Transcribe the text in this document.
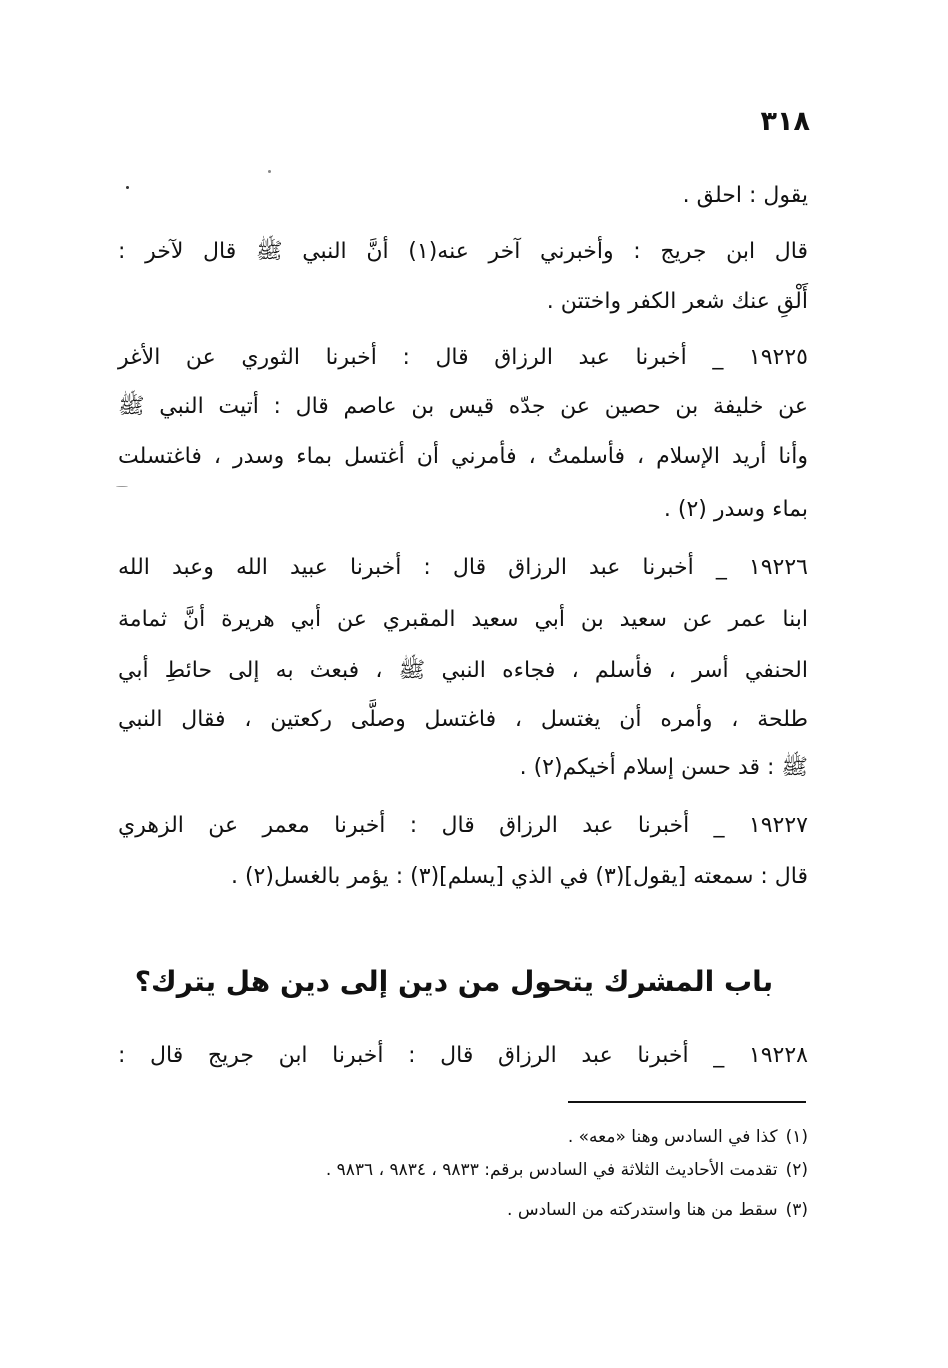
٣١٨
يقول : احلق .
قال ابن جريج : وأخبرني آخر عنه(١) أنَّ النبي ﷺ قال لآخر :
أَلْقِ عنك شعر الكفر واختتن .
١٩٢٢٥ _ أخبرنا عبد الرزاق قال : أخبرنا الثوري عن الأغر
عن خليفة بن حصين عن جدّه قيس بن عاصم قال : أتيت النبي ﷺ
وأنا أريد الإسلام ، فأسلمتُ ، فأمرني أن أغتسل بماء وسدر ، فاغتسلت
بماء وسدر (٢) .
١٩٢٢٦ _ أخبرنا عبد الرزاق قال : أخبرنا عبيد الله وعبد الله
ابنا عمر عن سعيد بن أبي سعيد المقبري عن أبي هريرة أنَّ ثمامة
الحنفي أسر ، فأسلم ، فجاءه النبي ﷺ ، فبعث به إلى حائطِ أبي
طلحة ، وأمره أن يغتسل ، فاغتسل وصلَّى ركعتين ، فقال النبي
ﷺ : قد حسن إسلام أخيكم(٢) .
١٩٢٢٧ _ أخبرنا عبد الرزاق قال : أخبرنا معمر عن الزهري
قال : سمعته [يقول](٣) في الذي [يسلم](٣) : يؤمر بالغسل(٢) .
باب المشرك يتحول من دين إلى دين هل يترك؟
١٩٢٢٨ _ أخبرنا عبد الرزاق قال : أخبرنا ابن جريج قال :
(١)كذا في السادس وهنا «معه» .
(٢)تقدمت الأحاديث الثلاثة في السادس برقم: ٩٨٣٣ ، ٩٨٣٤ ، ٩٨٣٦ .
(٣)سقط من هنا واستدركته من السادس .
